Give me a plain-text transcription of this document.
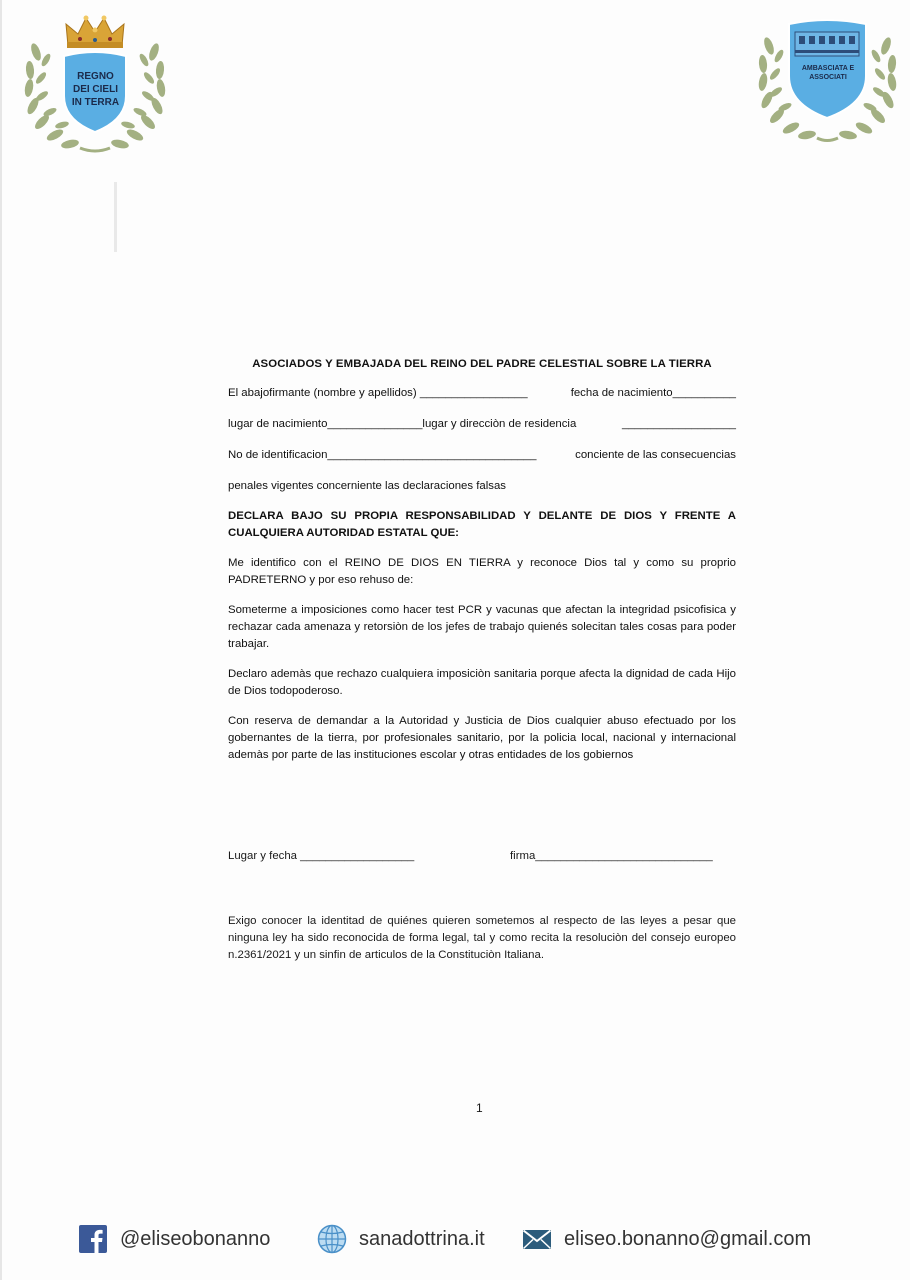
REGNO DEI CIELI IN TERRA
AMBASCIATA E ASSOCIATI
ASOCIADOS Y EMBAJADA DEL REINO DEL PADRE CELESTIAL SOBRE LA TIERRA
El abajofirmante (nombre y apellidos) _________________	fecha de nacimiento__________
lugar de nacimiento_______________lugar y direcciòn de residencia	__________________
No de identificacion_________________________________	conciente de las consecuencias
penales vigentes concerniente las declaraciones falsas
DECLARA BAJO SU PROPIA RESPONSABILIDAD Y DELANTE DE DIOS Y FRENTE A CUALQUIERA AUTORIDAD ESTATAL QUE:
Me identifico con el REINO DE DIOS EN TIERRA y reconoce Dios tal y como su proprio PADRETERNO y por eso rehuso de:
Someterme a imposiciones como hacer test PCR y vacunas que afectan la integridad psicofisica y rechazar cada amenaza y retorsiòn de los jefes de trabajo quienés solecitan tales cosas para poder trabajar.
Declaro ademàs que rechazo cualquiera imposiciòn sanitaria porque afecta la dignidad de cada Hijo de Dios todopoderoso.
Con reserva de demandar a la Autoridad y Justicia de Dios cualquier abuso efectuado por los gobernantes de la tierra, por profesionales sanitario, por la policia local, nacional y internacional ademàs por parte de las instituciones escolar y otras entidades de los gobiernos
Lugar y fecha __________________	firma____________________________
Exigo conocer la identitad de quiénes quieren sometemos al respecto de las leyes a pesar que ninguna ley ha sido reconocida de forma legal, tal y como recita la resoluciòn del consejo europeo n.2361/2021 y un sinfin de articulos de la Constituciòn Italiana.
1
@eliseobonanno	sanadottrina.it	eliseo.bonanno@gmail.com
